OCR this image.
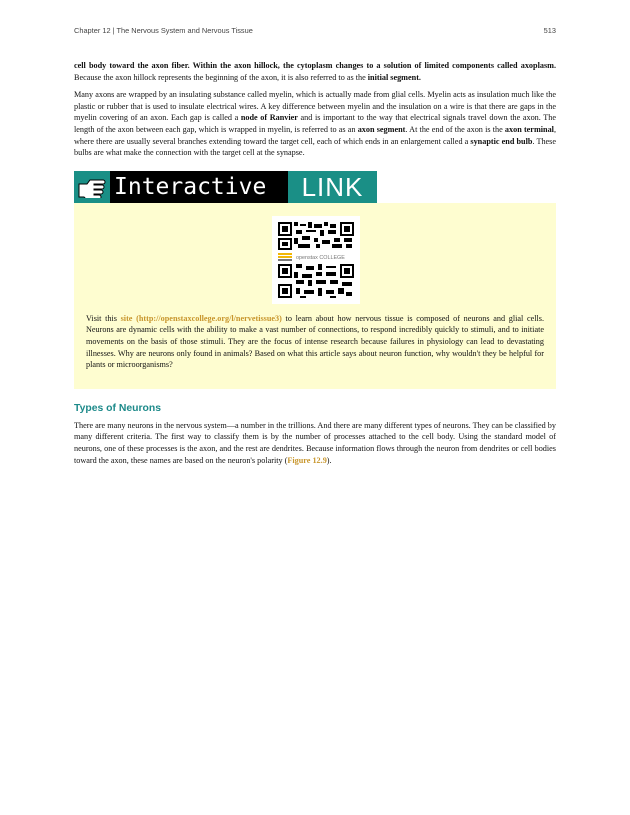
Chapter 12 | The Nervous System and Nervous Tissue	513

cell body toward the axon fiber. Within the axon hillock, the cytoplasm changes to a solution of limited components called axoplasm. Because the axon hillock represents the beginning of the axon, it is also referred to as the initial segment.

Many axons are wrapped by an insulating substance called myelin, which is actually made from glial cells. Myelin acts as insulation much like the plastic or rubber that is used to insulate electrical wires. A key difference between myelin and the insulation on a wire is that there are gaps in the myelin covering of an axon. Each gap is called a node of Ranvier and is important to the way that electrical signals travel down the axon. The length of the axon between each gap, which is wrapped in myelin, is referred to as an axon segment. At the end of the axon is the axon terminal, where there are usually several branches extending toward the target cell, each of which ends in an enlargement called a synaptic end bulb. These bulbs are what make the connection with the target cell at the synapse.

Interactive	LINK
openstax COLLEGE

Visit this site (http://openstaxcollege.org/l/nervetissue3) to learn about how nervous tissue is composed of neurons and glial cells. Neurons are dynamic cells with the ability to make a vast number of connections, to respond incredibly quickly to stimuli, and to initiate movements on the basis of those stimuli. They are the focus of intense research because failures in physiology can lead to devastating illnesses. Why are neurons only found in animals? Based on what this article says about neuron function, why wouldn't they be helpful for plants or microorganisms?

Types of Neurons

There are many neurons in the nervous system—a number in the trillions. And there are many different types of neurons. They can be classified by many different criteria. The first way to classify them is by the number of processes attached to the cell body. Using the standard model of neurons, one of these processes is the axon, and the rest are dendrites. Because information flows through the neuron from dendrites or cell bodies toward the axon, these names are based on the neuron's polarity (Figure 12.9).
